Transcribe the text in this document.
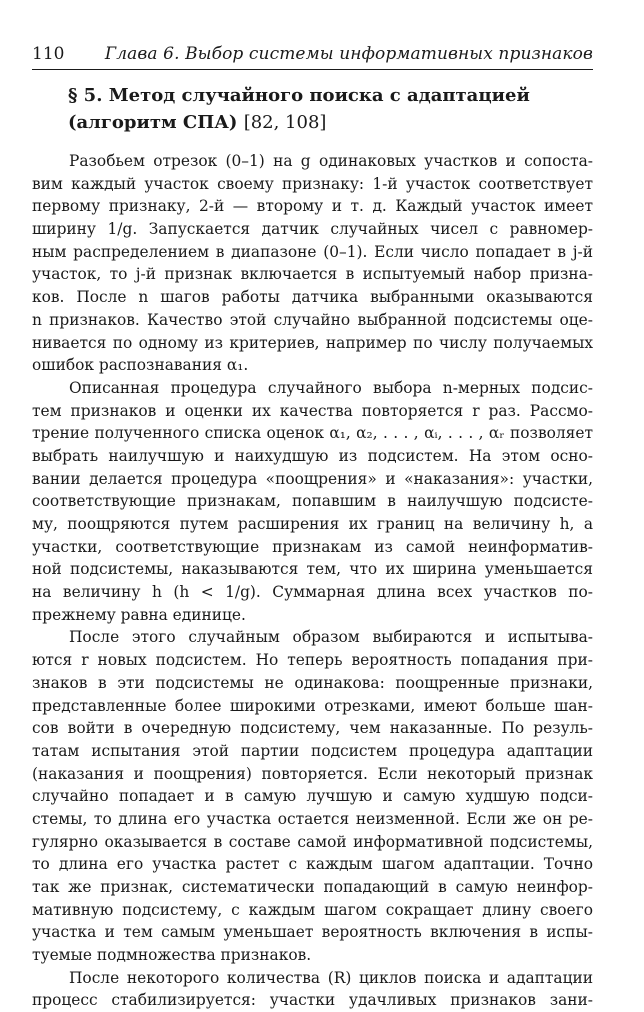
110 Глава 6. Выбор системы информативных признаков
§ 5. Метод случайного поиска с адаптацией
(алгоритм СПА) [82, 108]
Разобьем отрезок (0–1) на g одинаковых участков и сопоста-
вим каждый участок своему признаку: 1-й участок соответствует
первому признаку, 2-й — второму и т. д. Каждый участок имеет
ширину 1/g. Запускается датчик случайных чисел с равномер-
ным распределением в диапазоне (0–1). Если число попадает в j-й
участок, то j-й признак включается в испытуемый набор призна-
ков. После n шагов работы датчика выбранными оказываются
n признаков. Качество этой случайно выбранной подсистемы оце-
нивается по одному из критериев, например по числу получаемых
ошибок распознавания α₁.
Описанная процедура случайного выбора n-мерных подсис-
тем признаков и оценки их качества повторяется r раз. Рассмо-
трение полученного списка оценок α₁, α₂, . . . , αᵢ, . . . , αᵣ позволяет
выбрать наилучшую и наихудшую из подсистем. На этом осно-
вании делается процедура «поощрения» и «наказания»: участки,
соответствующие признакам, попавшим в наилучшую подсисте-
му, поощряются путем расширения их границ на величину h, а
участки, соответствующие признакам из самой неинформатив-
ной подсистемы, наказываются тем, что их ширина уменьшается
на величину h (h < 1/g). Суммарная длина всех участков по-
прежнему равна единице.
После этого случайным образом выбираются и испытыва-
ются r новых подсистем. Но теперь вероятность попадания при-
знаков в эти подсистемы не одинакова: поощренные признаки,
представленные более широкими отрезками, имеют больше шан-
сов войти в очередную подсистему, чем наказанные. По резуль-
татам испытания этой партии подсистем процедура адаптации
(наказания и поощрения) повторяется. Если некоторый признак
случайно попадает и в самую лучшую и самую худшую подси-
стемы, то длина его участка остается неизменной. Если же он ре-
гулярно оказывается в составе самой информативной подсистемы,
то длина его участка растет с каждым шагом адаптации. Точно
так же признак, систематически попадающий в самую неинфор-
мативную подсистему, с каждым шагом сокращает длину своего
участка и тем самым уменьшает вероятность включения в испы-
туемые подмножества признаков.
После некоторого количества (R) циклов поиска и адаптации
процесс стабилизируется: участки удачливых признаков зани-
